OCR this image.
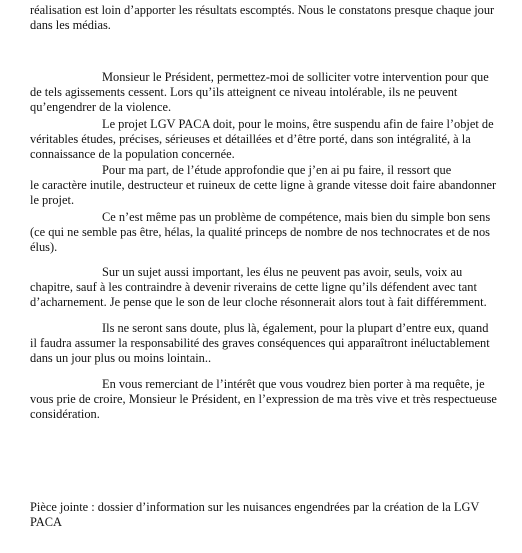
réalisation est loin d’apporter les résultats escomptés. Nous le constatons presque chaque jour
dans les médias.
Monsieur le Président, permettez-moi de solliciter votre intervention pour que
de tels agissements cessent. Lors qu’ils atteignent ce niveau intolérable, ils ne peuvent
qu’engendrer de la violence.
Le projet LGV PACA doit, pour le moins, être suspendu afin de faire l’objet de
véritables études, précises, sérieuses et détaillées et d’être porté, dans son intégralité, à la
connaissance de la population concernée.
Pour ma part, de l’étude approfondie que j’en ai pu faire, il ressort que
le caractère inutile, destructeur et ruineux de cette ligne à grande vitesse doit faire abandonner
le projet.
Ce n’est même pas un problème de compétence, mais bien du simple bon sens
(ce qui ne semble pas être, hélas, la qualité princeps de nombre de nos technocrates et de nos
élus).
Sur un sujet aussi important, les élus ne peuvent pas avoir, seuls, voix au
chapitre, sauf à les contraindre à devenir riverains de cette ligne qu’ils défendent avec tant
d’acharnement. Je pense que le son de leur cloche résonnerait alors tout à fait différemment.
Ils ne seront sans doute, plus là, également, pour la plupart d’entre eux, quand
il faudra assumer la responsabilité des graves conséquences qui apparaîtront inéluctablement
dans un jour plus ou moins lointain..
En vous remerciant de l’intérêt que vous voudrez bien porter à ma requête, je
vous prie de croire, Monsieur le Président, en l’expression de ma très vive et très respectueuse
considération.
Pièce jointe : dossier d’information sur les nuisances engendrées par la création de la LGV
PACA
